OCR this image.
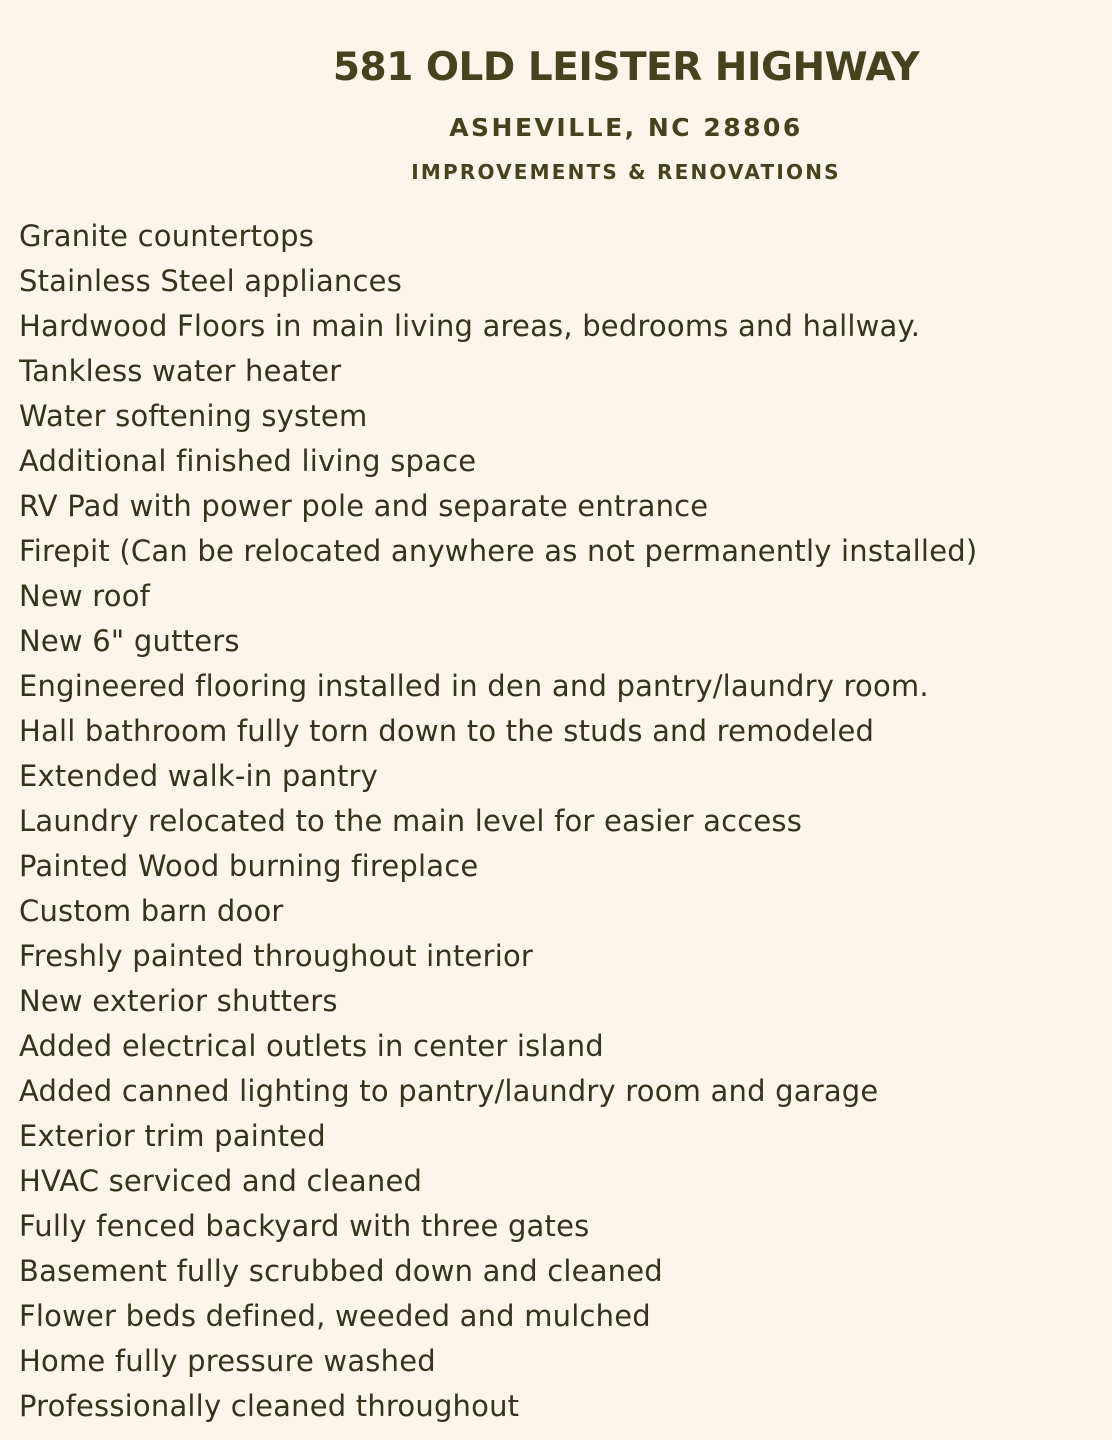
581 OLD LEISTER HIGHWAY
ASHEVILLE, NC 28806
IMPROVEMENTS & RENOVATIONS
Granite countertops
Stainless Steel appliances
Hardwood Floors in main living areas, bedrooms and hallway.
Tankless water heater
Water softening system
Additional finished living space
RV Pad with power pole and separate entrance
Firepit (Can be relocated anywhere as not permanently installed)
New roof
New 6" gutters
Engineered flooring installed in den and pantry/laundry room.
Hall bathroom fully torn down to the studs and remodeled
Extended walk-in pantry
Laundry relocated to the main level for easier access
Painted Wood burning fireplace
Custom barn door
Freshly painted throughout interior
New exterior shutters
Added electrical outlets in center island
Added canned lighting to pantry/laundry room and garage
Exterior trim painted
HVAC serviced and cleaned
Fully fenced backyard with three gates
Basement fully scrubbed down and cleaned
Flower beds defined, weeded and mulched
Home fully pressure washed
Professionally cleaned throughout
